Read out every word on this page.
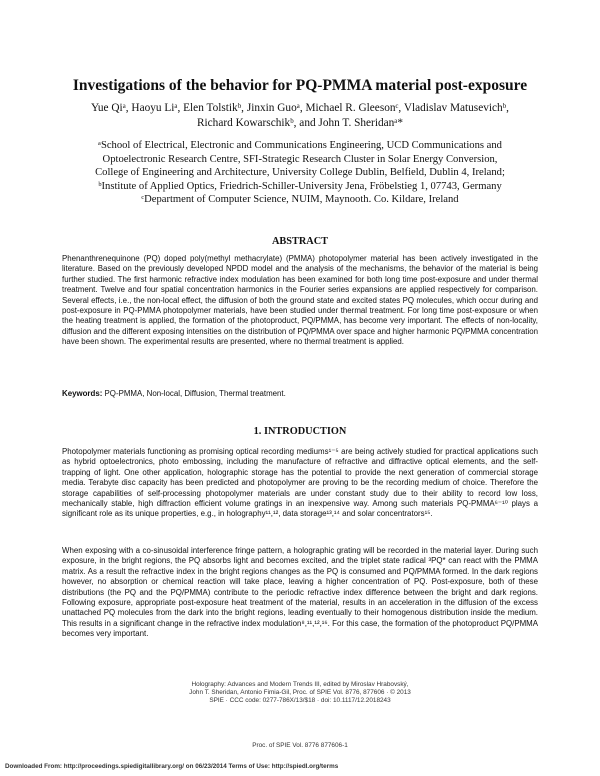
Investigations of the behavior for PQ-PMMA material post-exposure
Yue Qiᵃ, Haoyu Liᵃ, Elen Tolstikᵇ, Jinxin Guoᵃ, Michael R. Gleesonᶜ, Vladislav Matusevichᵇ,
Richard Kowarschikᵇ, and John T. Sheridanᵃ*
ᵃSchool of Electrical, Electronic and Communications Engineering, UCD Communications and
Optoelectronic Research Centre, SFI-Strategic Research Cluster in Solar Energy Conversion,
College of Engineering and Architecture, University College Dublin, Belfield, Dublin 4, Ireland;
ᵇInstitute of Applied Optics, Friedrich-Schiller-University Jena, Fröbelstieg 1, 07743, Germany
ᶜDepartment of Computer Science, NUIM, Maynooth. Co. Kildare, Ireland
ABSTRACT
Phenanthrenequinone (PQ) doped poly(methyl methacrylate) (PMMA) photopolymer material has been actively investigated in the literature. Based on the previously developed NPDD model and the analysis of the mechanisms, the behavior of the material is being further studied. The first harmonic refractive index modulation has been examined for both long time post-exposure and under thermal treatment. Twelve and four spatial concentration harmonics in the Fourier series expansions are applied respectively for comparison. Several effects, i.e., the non-local effect, the diffusion of both the ground state and excited states PQ molecules, which occur during and post-exposure in PQ-PMMA photopolymer materials, have been studied under thermal treatment. For long time post-exposure or when the heating treatment is applied, the formation of the photoproduct, PQ/PMMA, has become very important. The effects of non-locality, diffusion and the different exposing intensities on the distribution of PQ/PMMA over space and higher harmonic PQ/PMMA concentration have been shown. The experimental results are presented, where no thermal treatment is applied.
Keywords: PQ-PMMA, Non-local, Diffusion, Thermal treatment.
1. INTRODUCTION
Photopolymer materials functioning as promising optical recording mediums¹⁻⁵ are being actively studied for practical applications such as hybrid optoelectronics, photo embossing, including the manufacture of refractive and diffractive optical elements, and the self-trapping of light. One other application, holographic storage has the potential to provide the next generation of commercial storage media. Terabyte disc capacity has been predicted and photopolymer are proving to be the recording medium of choice. Therefore the storage capabilities of self-processing photopolymer materials are under constant study due to their ability to record low loss, mechanically stable, high diffraction efficient volume gratings in an inexpensive way. Among such materials PQ-PMMA⁶⁻¹⁰ plays a significant role as its unique properties, e.g., in holography¹¹,¹², data storage¹³,¹⁴ and solar concentrators¹⁵.
When exposing with a co-sinusoidal interference fringe pattern, a holographic grating will be recorded in the material layer. During such exposure, in the bright regions, the PQ absorbs light and becomes excited, and the triplet state radical ³PQ* can react with the PMMA matrix. As a result the refractive index in the bright regions changes as the PQ is consumed and PQ/PMMA formed. In the dark regions however, no absorption or chemical reaction will take place, leaving a higher concentration of PQ. Post-exposure, both of these distributions (the PQ and the PQ/PMMA) contribute to the periodic refractive index difference between the bright and dark regions. Following exposure, appropriate post-exposure heat treatment of the material, results in an acceleration in the diffusion of the excess unattached PQ molecules from the dark into the bright regions, leading eventually to their homogenous distribution inside the medium. This results in a significant change in the refractive index modulation⁸,¹¹,¹²,¹⁶. For this case, the formation of the photoproduct PQ/PMMA becomes very important.
Holography: Advances and Modern Trends III, edited by Miroslav Hrabovský,
John T. Sheridan, Antonio Fimia-Gil, Proc. of SPIE Vol. 8776, 877606 · © 2013
SPIE · CCC code: 0277-786X/13/$18 · doi: 10.1117/12.2018243
Proc. of SPIE Vol. 8776 877606-1
Downloaded From: http://proceedings.spiedigitallibrary.org/ on 06/23/2014 Terms of Use: http://spiedl.org/terms
